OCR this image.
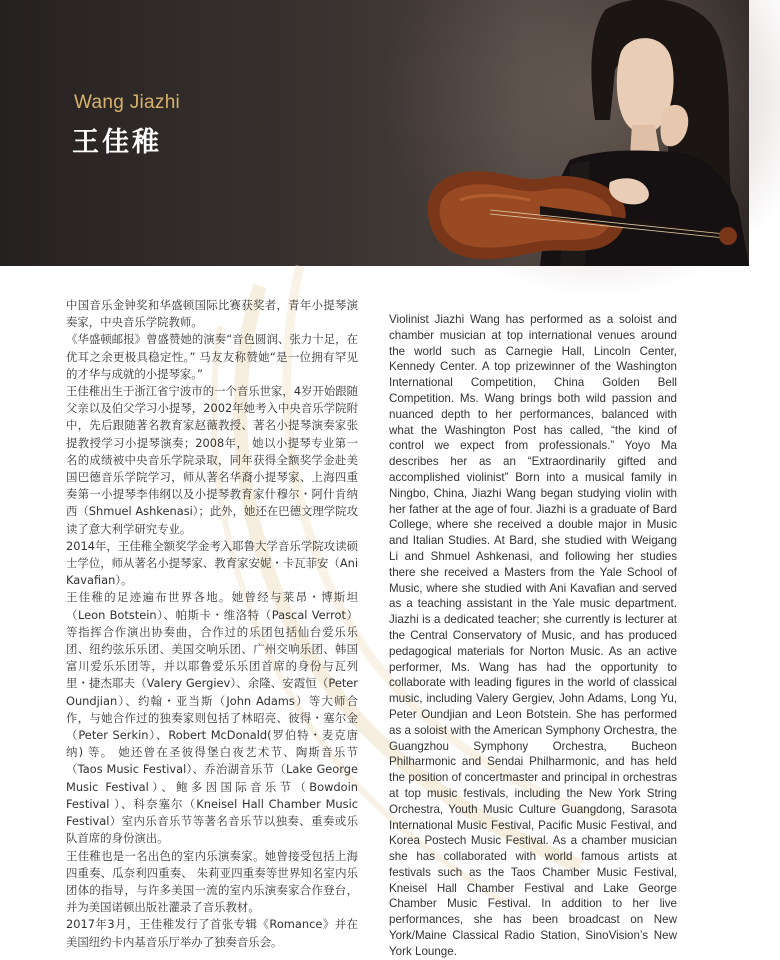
Wang Jiazhi
王佳稚

中国音乐金钟奖和华盛顿国际比赛获奖者，青年小提琴演奏家，中央音乐学院教师。

《华盛顿邮报》曾盛赞她的演奏“音色圆润、张力十足，在优耳之余更极具稳定性。” 马友友称赞她“是一位拥有罕见的才华与成就的小提琴家。”

王佳稚出生于浙江省宁波市的一个音乐世家，4岁开始跟随父亲以及伯父学习小提琴，2002年她考入中央音乐学院附中，先后跟随著名教育家赵薇教授、著名小提琴演奏家张提教授学习小提琴演奏；2008年， 她以小提琴专业第一名的成绩被中央音乐学院录取，同年获得全额奖学金赴美国巴德音乐学院学习，师从著名华裔小提琴家、上海四重奏第一小提琴李伟纲以及小提琴教育家什穆尔・阿什肯纳西（Shmuel Ashkenasi）；此外，她还在巴德文理学院攻读了意大利学研究专业。

2014年，王佳稚全额奖学金考入耶鲁大学音乐学院攻读硕士学位，师从著名小提琴家、教育家安妮・卡瓦菲安（Ani Kavafian）。

王佳稚的足迹遍布世界各地。她曾经与莱昂・博斯坦（Leon Botstein）、帕斯卡・维洛特（Pascal Verrot）等指挥合作演出协奏曲，合作过的乐团包括仙台爱乐乐团、纽约弦乐乐团、美国交响乐团、广州交响乐团、韩国富川爱乐乐团等，并以耶鲁爱乐乐团首席的身份与瓦列里・捷杰耶夫（Valery Gergiev）、余隆、安霞恒（Peter Oundjian）、约翰・亚当斯（John Adams）等大师合作，与她合作过的独奏家则包括了林昭亮、彼得・塞尔金（Peter Serkin）、Robert McDonald(罗伯特・麦克唐纳) 等。 她还曾在圣彼得堡白夜艺术节、陶斯音乐节（Taos Music Festival）、乔治湖音乐节（Lake George Music Festival）、鲍多因国际音乐节（Bowdoin Festival ）、科奈塞尔（Kneisel Hall Chamber Music Festival）室内乐音乐节等著名音乐节以独奏、重奏或乐队首席的身份演出。

王佳稚也是一名出色的室内乐演奏家。她曾接受包括上海四重奏、瓜奈利四重奏、 朱莉亚四重奏等世界知名室内乐团体的指导，与许多美国一流的室内乐演奏家合作登台，并为美国诺顿出版社灌录了音乐教材。

2017年3月，王佳稚发行了首张专辑《Romance》并在美国纽约卡内基音乐厅举办了独奏音乐会。

Violinist Jiazhi Wang has performed as a soloist and chamber musician at top international venues around the world such as Carnegie Hall, Lincoln Center, Kennedy Center. A top prizewinner of the Washington International Competition, China Golden Bell Competition. Ms. Wang brings both wild passion and nuanced depth to her performances, balanced with what the Washington Post has called, “the kind of control we expect from professionals.” Yoyo Ma describes her as an “Extraordinarily gifted and accomplished violinist” Born into a musical family in Ningbo, China, Jiazhi Wang began studying violin with her father at the age of four. Jiazhi is a graduate of Bard College, where she received a double major in Music and Italian Studies. At Bard, she studied with Weigang Li and Shmuel Ashkenasi, and following her studies there she received a Masters from the Yale School of Music, where she studied with Ani Kavafian and served as a teaching assistant in the Yale music department. Jiazhi is a dedicated teacher; she currently is lecturer at the Central Conservatory of Music, and has produced pedagogical materials for Norton Music. As an active performer, Ms. Wang has had the opportunity to collaborate with leading figures in the world of classical music, including Valery Gergiev, John Adams, Long Yu, Peter Oundjian and Leon Botstein. She has performed as a soloist with the American Symphony Orchestra, the Guangzhou Symphony Orchestra, Bucheon Philharmonic and Sendai Philharmonic, and has held the position of concertmaster and principal in orchestras at top music festivals, including the New York String Orchestra, Youth Music Culture Guangdong, Sarasota International Music Festival, Pacific Music Festival, and Korea Postech Music Festival. As a chamber musician she has collaborated with world famous artists at festivals such as the Taos Chamber Music Festival, Kneisel Hall Chamber Festival and Lake George Chamber Music Festival. In addition to her live performances, she has been broadcast on New York/Maine Classical Radio Station, SinoVision’s New York Lounge.
